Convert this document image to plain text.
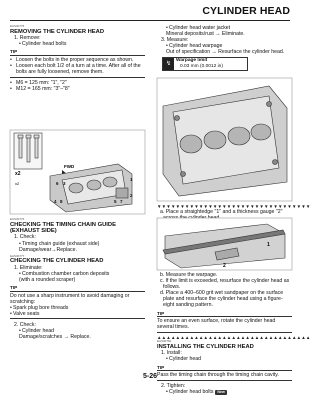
CYLINDER HEAD
EAS30775
REMOVING THE CYLINDER HEAD
1. Remove:
• Cylinder head bolts
TIP
• Loosen the bolts in the proper sequence as shown.
• Loosen each bolt 1/2 of a turn at a time. After all of the bolts are fully loosened, remove them.
• M6 = 125 mm: "1", "2"
• M12 = 165 mm: "3"–"8"
x2
x2
FWD
6 3
1
2
4 8	5 7
EAS30776
CHECKING THE TIMING CHAIN GUIDE
(EXHAUST SIDE)
1. Check:
• Timing chain guide (exhaust side)
Damage/wear→Replace.
EAS30777
CHECKING THE CYLINDER HEAD
1. Eliminate:
• Combustion chamber carbon deposits
(with a rounded scraper)
TIP
Do not use a sharp instrument to avoid damaging or scratching:
• Spark plug bore threads
• Valve seats
2. Check:
• Cylinder head
Damage/scratches → Replace.
• Cylinder head water jacket
Mineral deposits/rust → Eliminate.
3. Measure:
• Cylinder head warpage
Out of specification → Resurface the cylinder head.
↯	Warpage limit
0.03 mm (0.0012 in)
▼▼▼▼▼▼▼▼▼▼▼▼▼▼▼▼▼▼▼▼▼▼▼▼▼▼▼▼▼▼▼▼▼
a. Place a straightedge "1" and a thickness gauge "2"
1
2
b. Measure the warpage.
c. If the limit is exceeded, resurface the cylinder head as follows.
d. Place a 400–600 grit wet sandpaper on the surface plate and resurface the cylinder head using a figure-eight sanding pattern.
TIP
To ensure an even surface, rotate the cylinder head several times.
▲▲▲▲▲▲▲▲▲▲▲▲▲▲▲▲▲▲▲▲▲▲▲▲▲▲▲▲▲▲▲▲▲
EAS30781
INSTALLING THE CYLINDER HEAD
1. Install:
• Cylinder head
TIP
Pass the timing chain through the timing chain cavity.
2. Tighten:
• Cylinder head bolts New
5-26
